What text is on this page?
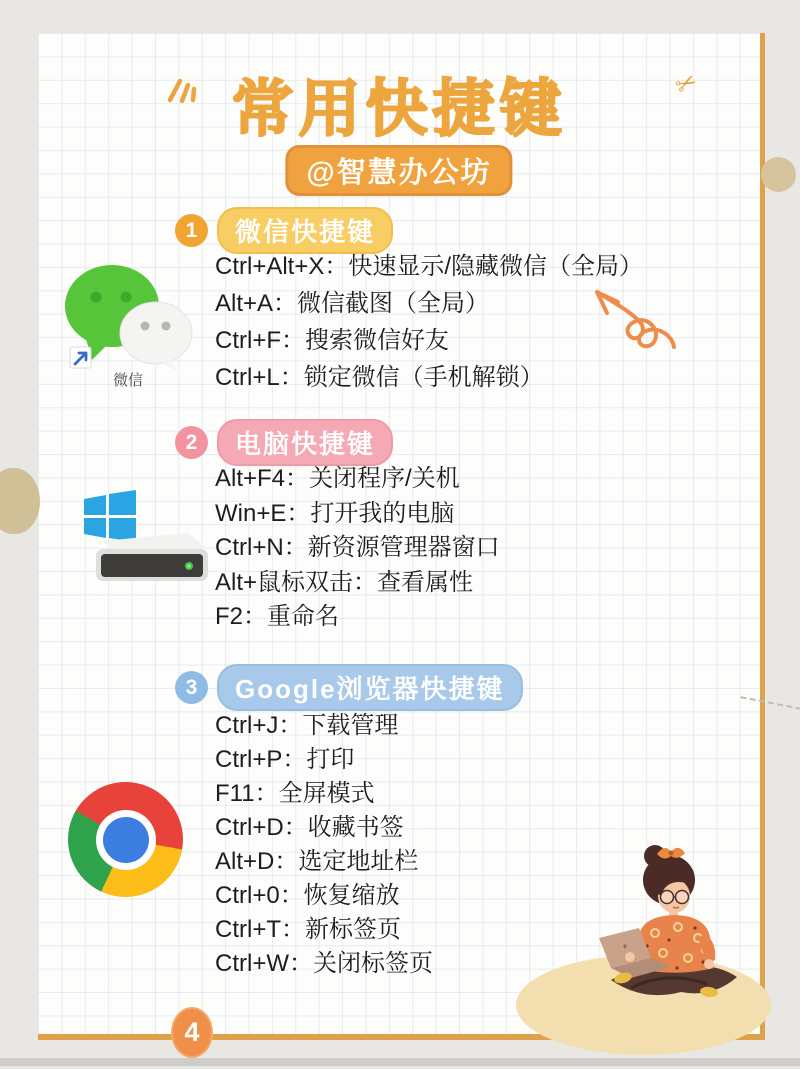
✂
常用快捷键
@智慧办公坊
1	微信快捷键
Ctrl+Alt+X：快速显示/隐藏微信（全局）
Alt+A：微信截图（全局）
Ctrl+F：搜索微信好友
Ctrl+L：锁定微信（手机解锁）
微信
2	电脑快捷键
Alt+F4：关闭程序/关机
Win+E：打开我的电脑
Ctrl+N：新资源管理器窗口
Alt+鼠标双击：查看属性
F2：重命名
3	Google浏览器快捷键
Ctrl+J：下载管理
Ctrl+P：打印
F11：全屏模式
Ctrl+D：收藏书签
Alt+D：选定地址栏
Ctrl+0：恢复缩放
Ctrl+T：新标签页
Ctrl+W：关闭标签页
4
